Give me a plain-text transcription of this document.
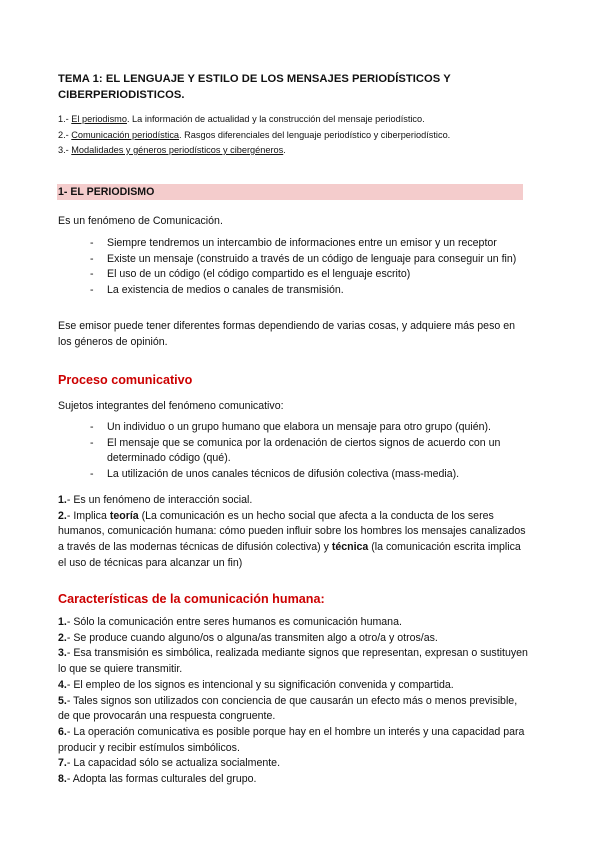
TEMA 1: EL LENGUAJE Y ESTILO DE LOS MENSAJES PERIODÍSTICOS Y CIBERPERIODISTICOS.
1.- El periodismo. La información de actualidad y la construcción del mensaje periodístico.
2.- Comunicación periodística. Rasgos diferenciales del lenguaje periodístico y ciberperiodístico.
3.- Modalidades y géneros periodísticos y cibergéneros.
1- EL PERIODISMO

Es un fenómeno de Comunicación.

- Siempre tendremos un intercambio de informaciones entre un emisor y un receptor
- Existe un mensaje (construido a través de un código de lenguaje para conseguir un fin)
- El uso de un código (el código compartido es el lenguaje escrito)
- La existencia de medios o canales de transmisión.

Ese emisor puede tener diferentes formas dependiendo de varias cosas, y adquiere más peso en los géneros de opinión.

Proceso comunicativo

Sujetos integrantes del fenómeno comunicativo:

- Un individuo o un grupo humano que elabora un mensaje para otro grupo (quién).
- El mensaje que se comunica por la ordenación de ciertos signos de acuerdo con un determinado código (qué).
- La utilización de unos canales técnicos de difusión colectiva (mass-media).
1.- Es un fenómeno de interacción social.
2.- Implica teoría (La comunicación es un hecho social que afecta a la conducta de los seres humanos, comunicación humana: cómo pueden influir sobre los hombres los mensajes canalizados a través de las modernas técnicas de difusión colectiva) y técnica (la comunicación escrita implica el uso de técnicas para alcanzar un fin)
Características de la comunicación humana:
1.- Sólo la comunicación entre seres humanos es comunicación humana.
2.- Se produce cuando alguno/os o alguna/as transmiten algo a otro/a y otros/as.
3.- Esa transmisión es simbólica, realizada mediante signos que representan, expresan o sustituyen lo que se quiere transmitir.
4.- El empleo de los signos es intencional y su significación convenida y compartida.
5.- Tales signos son utilizados con conciencia de que causarán un efecto más o menos previsible, de que provocarán una respuesta congruente.
6.- La operación comunicativa es posible porque hay en el hombre un interés y una capacidad para producir y recibir estímulos simbólicos.
7.- La capacidad sólo se actualiza socialmente.
8.- Adopta las formas culturales del grupo.
